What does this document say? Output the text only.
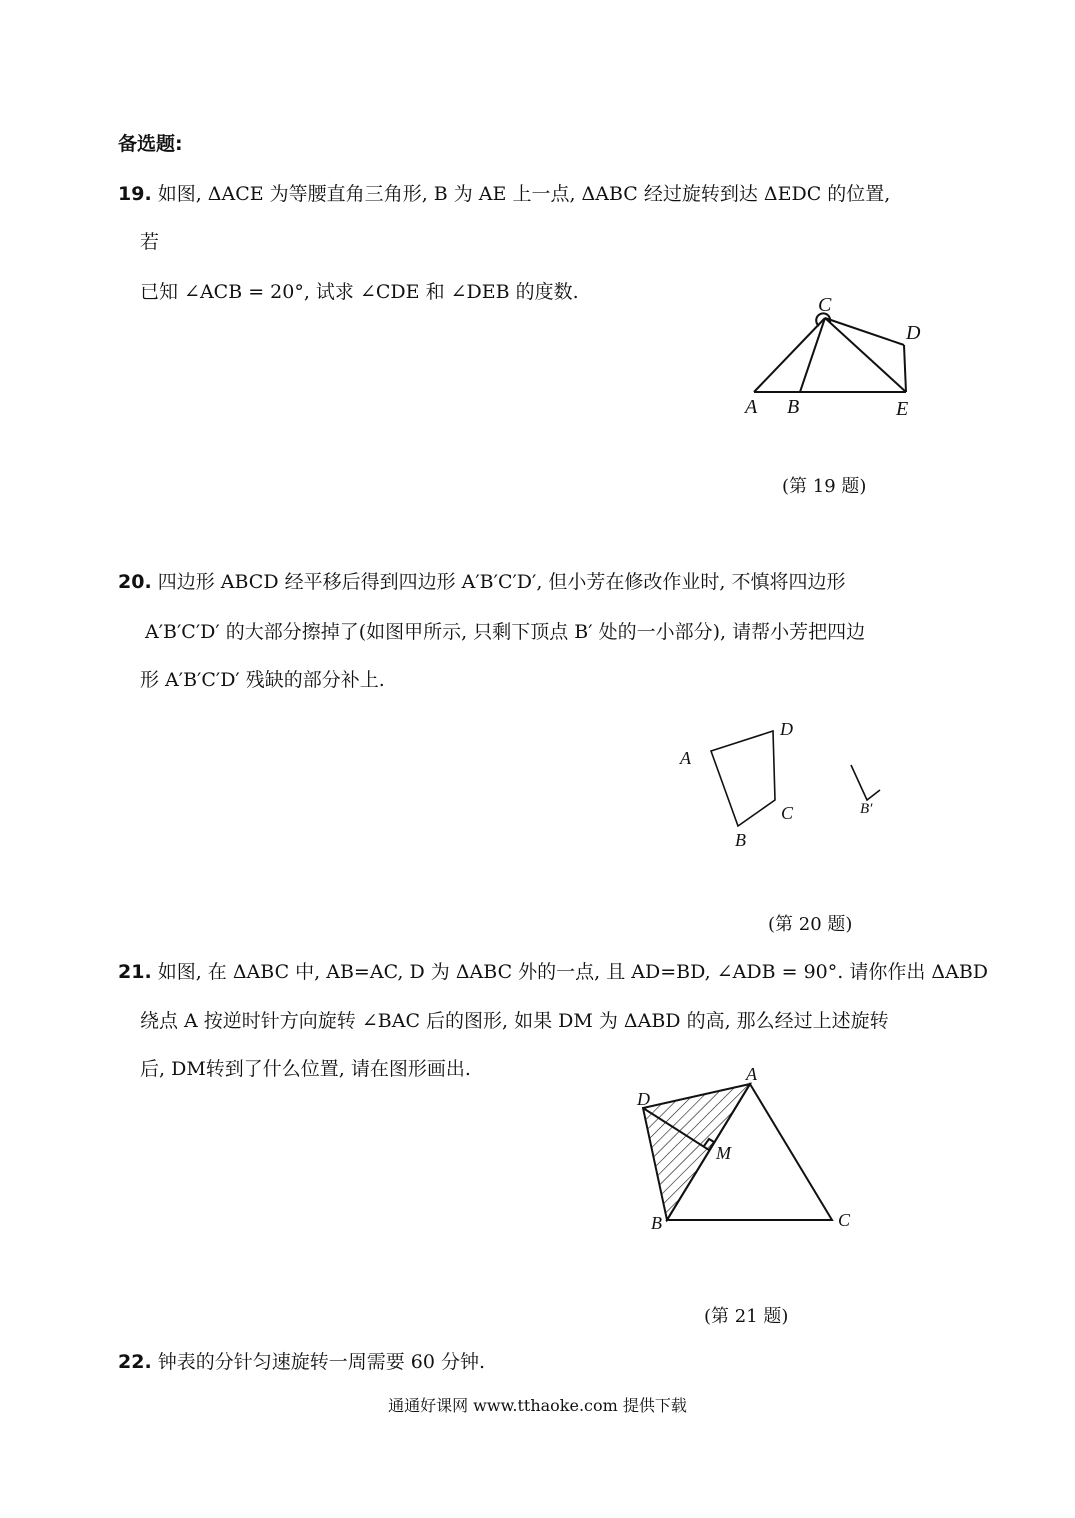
备选题:
19. 如图, ΔACE 为等腰直角三角形, B 为 AE 上一点, ΔABC 经过旋转到达 ΔEDC 的位置,
若
已知 ∠ACB = 20°, 试求 ∠CDE 和 ∠DEB 的度数.
C
D
A B	E
(第 19 题)
20. 四边形 ABCD 经平移后得到四边形 A′B′C′D′, 但小芳在修改作业时, 不慎将四边形
A′B′C′D′ 的大部分擦掉了(如图甲所示, 只剩下顶点 B′ 处的一小部分), 请帮小芳把四边
形 A′B′C′D′ 残缺的部分补上.
A
D
C
B
B′
(第 20 题)
21. 如图, 在 ΔABC 中, AB=AC, D 为 ΔABC 外的一点, 且 AD=BD, ∠ADB = 90°. 请你作出 ΔABD
绕点 A 按逆时针方向旋转 ∠BAC 后的图形, 如果 DM 为 ΔABD 的高, 那么经过上述旋转
后, DM转到了什么位置, 请在图形画出.	A
D
M
B	C
(第 21 题)
22. 钟表的分针匀速旋转一周需要 60 分钟.
通通好课网 www.tthaoke.com 提供下载
